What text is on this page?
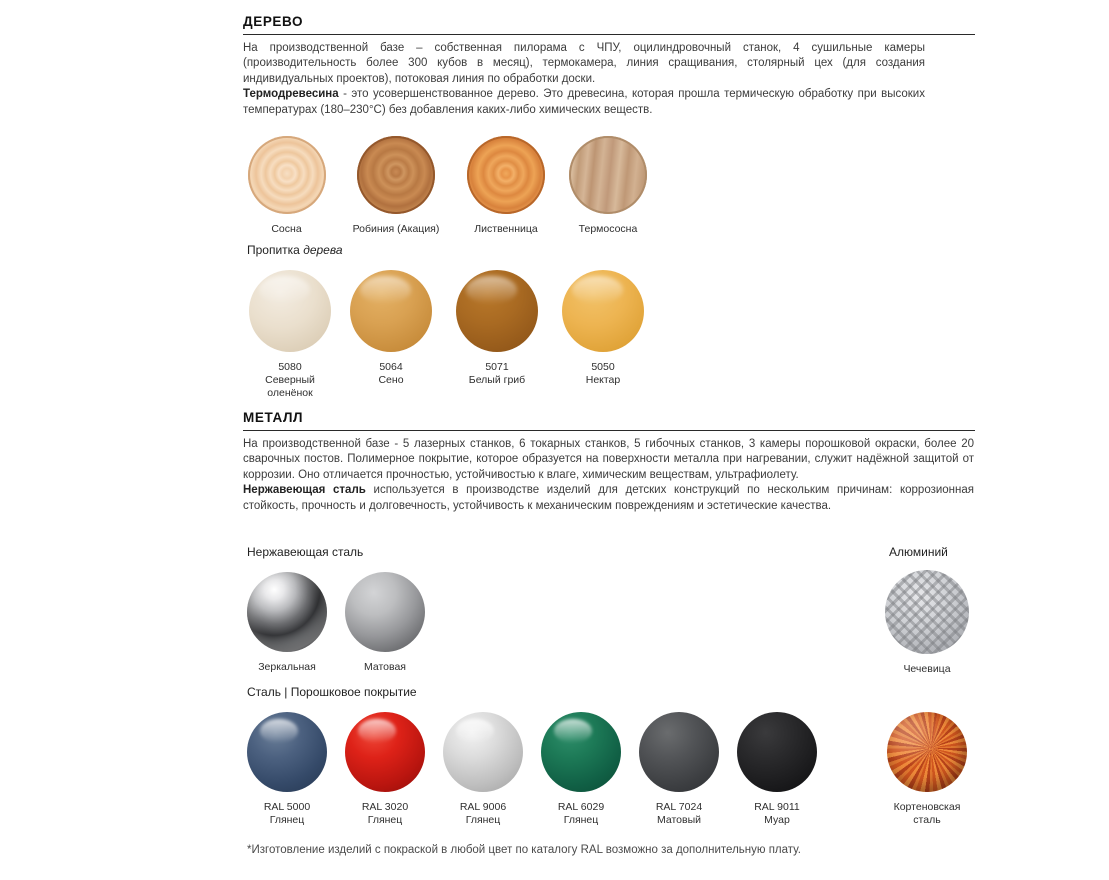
ДЕРЕВО
На производственной базе – собственная пилорама с ЧПУ, оцилиндровочный станок, 4 сушильные камеры (производительность более 300 кубов в месяц), термокамера, линия сращивания, столярный цех (для создания индивидуальных проектов), потоковая линия по обработки доски.
Термодревесина - это усовершенствованное дерево. Это древесина, которая прошла термическую обработку при высоких температурах (180–230°C) без добавления каких-либо химических веществ.
Сосна	Робиния (Акация)	Лиственница	Термососна
Пропитка дерева
5080
Северный
оленёнок
5064
Сено
5071
Белый гриб
5050
Нектар
МЕТАЛЛ
На производственной базе - 5 лазерных станков, 6 токарных станков, 5 гибочных станков, 3 камеры порошковой окраски, более 20 сварочных постов. Полимерное покрытие, которое образуется на поверхности металла при нагревании, служит надёжной защитой от коррозии. Оно отличается прочностью, устойчивостью к влаге, химическим веществам, ультрафиолету.
Нержавеющая сталь используется в производстве изделий для детских конструкций по нескольким причинам: коррозионная стойкость, прочность и долговечность, устойчивость к механическим повреждениям и эстетические качества.
Нержавеющая сталь
Зеркальная	Матовая
Алюминий
Чечевица
Сталь | Порошковое покрытие
RAL 5000
Глянец
RAL 3020
Глянец
RAL 9006
Глянец
RAL 6029
Глянец
RAL 7024
Матовый
RAL 9011
Муар
Кортеновская
сталь
*Изготовление изделий с покраской в любой цвет по каталогу RAL возможно за дополнительную плату.
